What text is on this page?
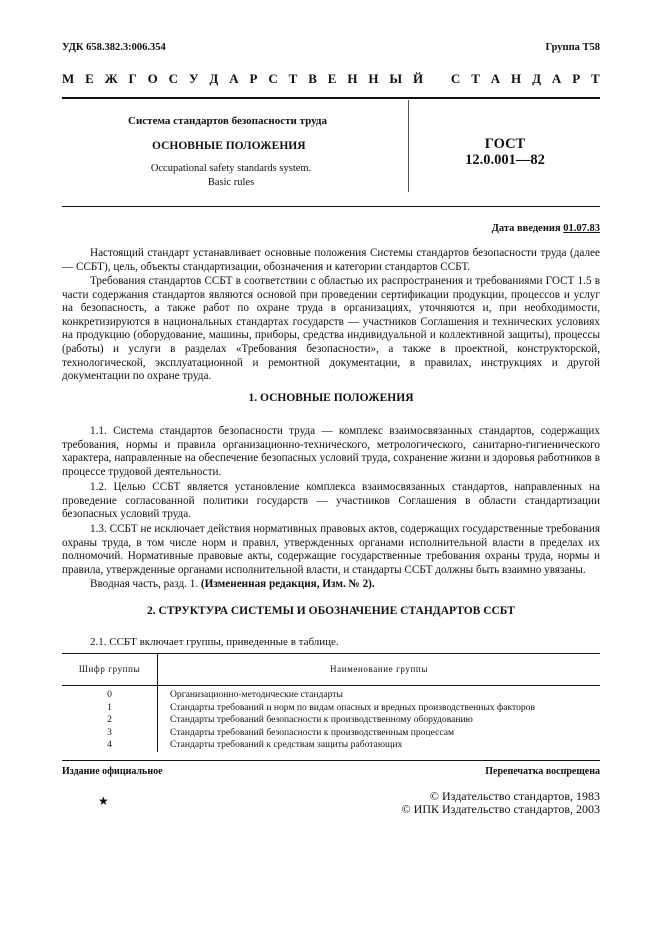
УДК 658.382.3:006.354	Группа Т58
М Е Ж Г О С У Д А Р С Т В Е Н Н Ы Й С Т А Н Д А Р Т
Система стандартов безопасности труда
ОСНОВНЫЕ ПОЛОЖЕНИЯ
Occupational safety standards system.
Basic rules
ГОСТ
12.0.001—82
Дата введения 01.07.83

Настоящий стандарт устанавливает основные положения Системы стандартов безопасности труда (далее — ССБТ), цель, объекты стандартизации, обозначения и категории стандартов ССБТ.

Требования стандартов ССБТ в соответствии с областью их распространения и требованиями ГОСТ 1.5 в части содержания стандартов являются основой при проведении сертификации продукции, процессов и услуг на безопасность, а также работ по охране труда в организациях, уточняются и, при необходимости, конкретизируются в национальных стандартах государств — участников Соглашения и технических условиях на продукцию (оборудование, машины, приборы, средства индивидуальной и коллективной защиты), процессы (работы) и услуги в разделах «Требования безопасности», а также в проектной, конструкторской, технологической, эксплуатационной и ремонтной документации, в правилах, инструкциях и другой документации по охране труда.

1. ОСНОВНЫЕ ПОЛОЖЕНИЯ

1.1. Система стандартов безопасности труда — комплекс взаимосвязанных стандартов, содержащих требования, нормы и правила организационно-технического, метрологического, санитарно-гигиенического характера, направленные на обеспечение безопасных условий труда, сохранение жизни и здоровья работников в процессе трудовой деятельности.

1.2. Целью ССБТ является установление комплекса взаимосвязанных стандартов, направленных на проведение согласованной политики государств — участников Соглашения в области стандартизации безопасных условий труда.

1.3. ССБТ не исключает действия нормативных правовых актов, содержащих государственные требования охраны труда, в том числе норм и правил, утвержденных органами исполнительной власти в пределах их полномочий. Нормативные правовые акты, содержащие государственные требования охраны труда, нормы и правила, утвержденные органами исполнительной власти, и стандарты ССБТ должны быть взаимно увязаны.

Вводная часть, разд. 1. (Измененная редакция, Изм. № 2).

2. СТРУКТУРА СИСТЕМЫ И ОБОЗНАЧЕНИЕ СТАНДАРТОВ ССБТ

2.1. ССБТ включает группы, приведенные в таблице.

Шифр группы	Наименование группы
0	Организационно-методические стандарты
1	Стандарты требований и норм по видам опасных и вредных производственных факторов
2	Стандарты требований безопасности к производственному оборудованию
3	Стандарты требований безопасности к производственным процессам
4	Стандарты требований к средствам защиты работающих
Издание официальное	Перепечатка воспрещена
★	© Издательство стандартов, 1983
© ИПК Издательство стандартов, 2003
